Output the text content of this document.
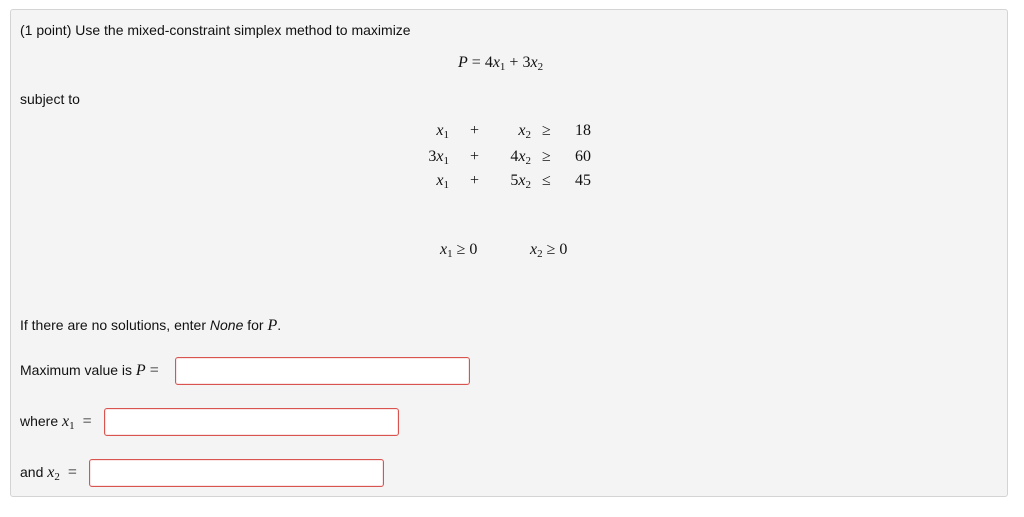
(1 point) Use the mixed-constraint simplex method to maximize
$P = 4x_1 + 3x_2$
subject to
$x_1$ +	$x_2 \ge 18$
$3x_1$ +	$4x_2 \ge 60$
$x_1$ +	$5x_2 \le 45$
$x_1 \ge 0$	$x_2 \ge 0$
If there are no solutions, enter None for P.
Maximum value is P =
where $x_1$ =
and $x_2$ =
